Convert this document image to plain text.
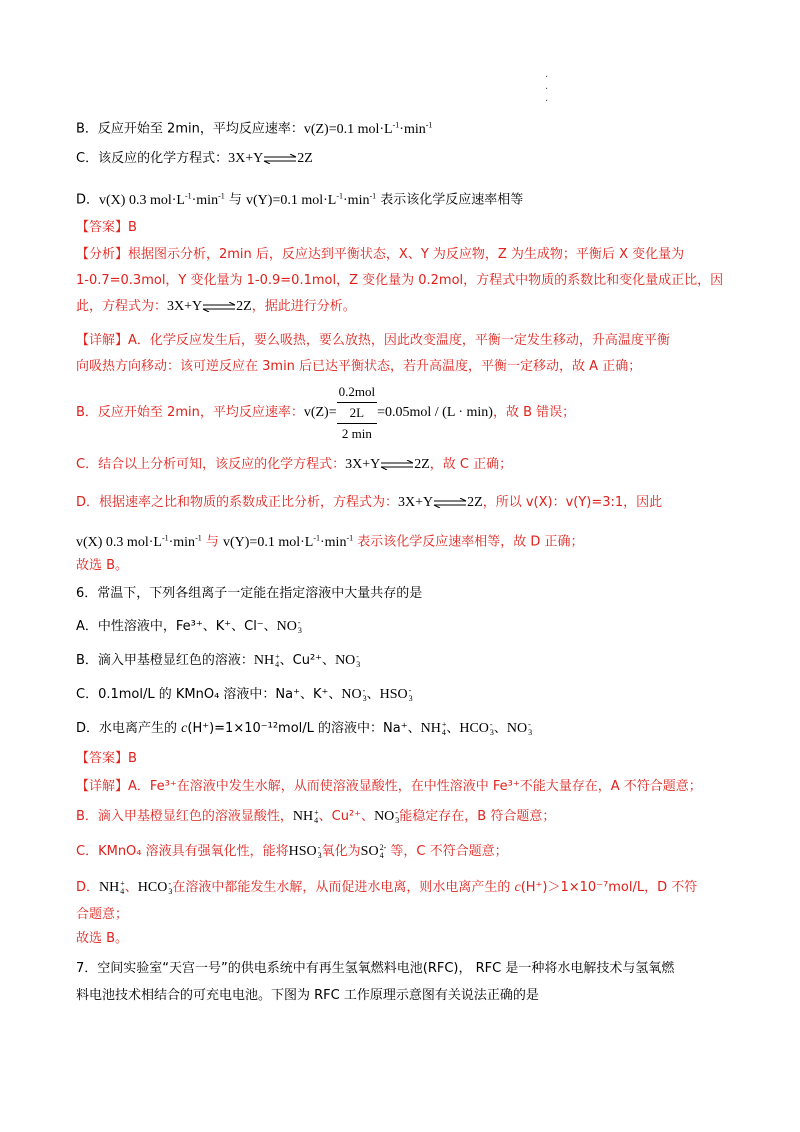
·
·
·
B．反应开始至 2min，平均反应速率：v(Z)=0.1 $mol\cdot L^{-1}\cdot\min^{-1}$
C．该反应的化学方程式：3X+Y 2Z
D．v(X) 0.3 $mol\cdot L^{-1}\cdot\min^{-1}$ 与 v(Y)=0.1 $mol\cdot L^{-1}\cdot\min^{-1}$ 表示该化学反应速率相等
【答案】B
【分析】根据图示分析，2min 后，反应达到平衡状态，X、Y 为反应物，Z 为生成物；平衡后 X 变化量为
1-0.7=0.3mol，Y 变化量为 1-0.9=0.1mol，Z 变化量为 0.2mol，方程式中物质的系数比和变化量成正比，因
此，方程式为：3X+Y 2Z，据此进行分析。
【详解】A．化学反应发生后，要么吸热，要么放热，因此改变温度，平衡一定发生移动，升高温度平衡
向吸热方向移动：该可逆反应在 3min 后已达平衡状态，若升高温度，平衡一定移动，故 A 正确；
B．反应开始至 2min，平均反应速率：v(Z)=
0.2mol
2L
2 min
=0.05mol / (L · min)，故 B 错误；
C．结合以上分析可知，该反应的化学方程式：3X+Y 2Z，故 C 正确；
D．根据速率之比和物质的系数成正比分析，方程式为：3X+Y 2Z，所以 v(X)：v(Y)=3:1，因此
v(X) 0.3 $mol\cdot L^{-1}\cdot\min^{-1}$ 与 v(Y)=0.1 $mol\cdot L^{-1}\cdot\min^{-1}$ 表示该化学反应速率相等，故 D 正确；
故选 B。
6．常温下，下列各组离子一定能在指定溶液中大量共存的是
A．中性溶液中，Fe³⁺、K⁺、Cl⁻、NO -
3
B．滴入甲基橙显红色的溶液：NH +
4 、Cu²⁺、NO -
3
C．0.1mol/L 的 KMnO₄ 溶液中：Na⁺、K⁺、NO -
3 、HSO -
3
D．水电离产生的 c(H⁺)=1×10⁻¹²mol/L 的溶液中：Na⁺、NH +
4 、HCO -
3 、NO -
3
【答案】B
【详解】A．Fe³⁺在溶液中发生水解，从而使溶液显酸性，在中性溶液中 Fe³⁺不能大量存在，A 不符合题意；
B．滴入甲基橙显红色的溶液显酸性，NH +
4 、Cu²⁺、NO -
3 能稳定存在，B 符合题意；
C．KMnO₄ 溶液具有强氧化性，能将HSO -
3 氧化为SO 2-
4 等，C 不符合题意；
D．NH +
4 、HCO -
3 在溶液中都能发生水解，从而促进水电离，则水电离产生的 c(H⁺)＞1×10⁻⁷mol/L，D 不符
合题意；
故选 B。
7．空间实验室“天宫一号”的供电系统中有再生氢氧燃料电池(RFC)， RFC 是一种将水电解技术与氢氧燃
料电池技术相结合的可充电电池。下图为 RFC 工作原理示意图有关说法正确的是
